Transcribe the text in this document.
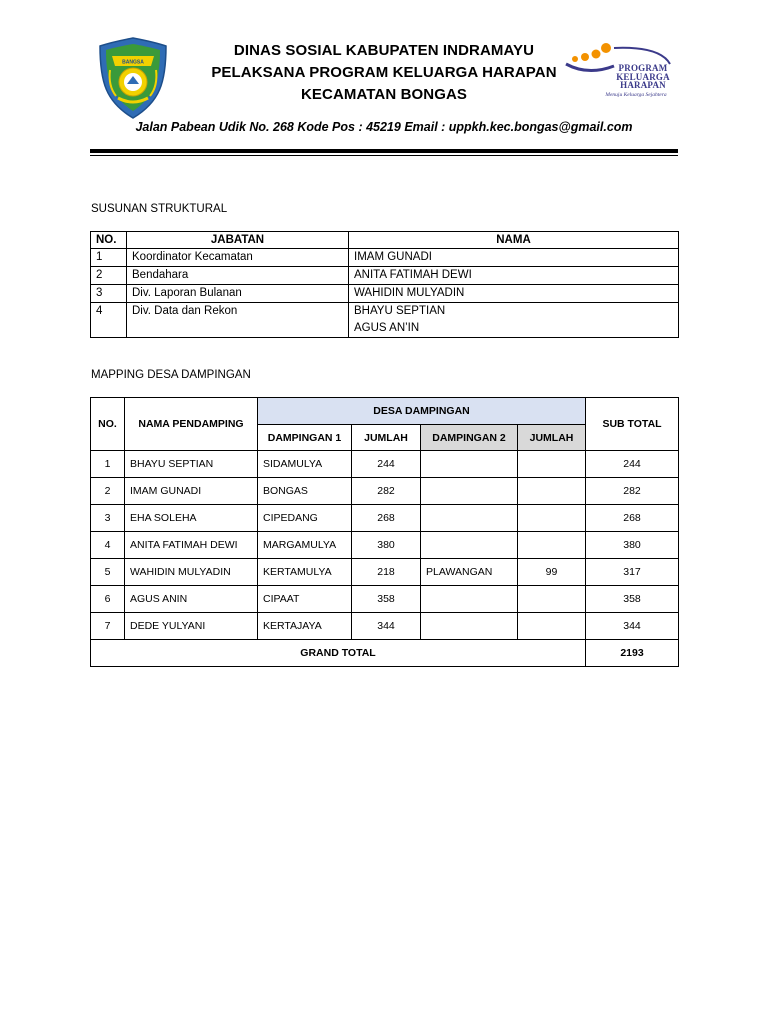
BANGSA
DINAS SOSIAL KABUPATEN INDRAMAYU
PELAKSANA PROGRAM KELUARGA HARAPAN
KECAMATAN BONGAS
PROGRAM
KELUARGA
HARAPAN
Menuju Keluarga Sejahtera
Jalan Pabean Udik No. 268 Kode Pos : 45219 Email : uppkh.kec.bongas@gmail.com
SUSUNAN STRUKTURAL
NO.	JABATAN	NAMA
1	Koordinator Kecamatan	IMAM GUNADI
2	Bendahara	ANITA FATIMAH DEWI
3	Div. Laporan Bulanan	WAHIDIN MULYADIN
4	Div. Data dan Rekon	BHAYU SEPTIAN
AGUS AN’IN
MAPPING DESA DAMPINGAN
NO.	NAMA PENDAMPING	DESA DAMPINGAN				SUB TOTAL
		DAMPINGAN 1	JUMLAH	DAMPINGAN 2	JUMLAH	
1	BHAYU SEPTIAN	SIDAMULYA	244			244
2	IMAM GUNADI	BONGAS	282			282
3	EHA SOLEHA	CIPEDANG	268			268
4	ANITA FATIMAH DEWI	MARGAMULYA	380			380
5	WAHIDIN MULYADIN	KERTAMULYA	218	PLAWANGAN	99	317
6	AGUS ANIN	CIPAAT	358			358
7	DEDE YULYANI	KERTAJAYA	344			344
GRAND TOTAL						2193
